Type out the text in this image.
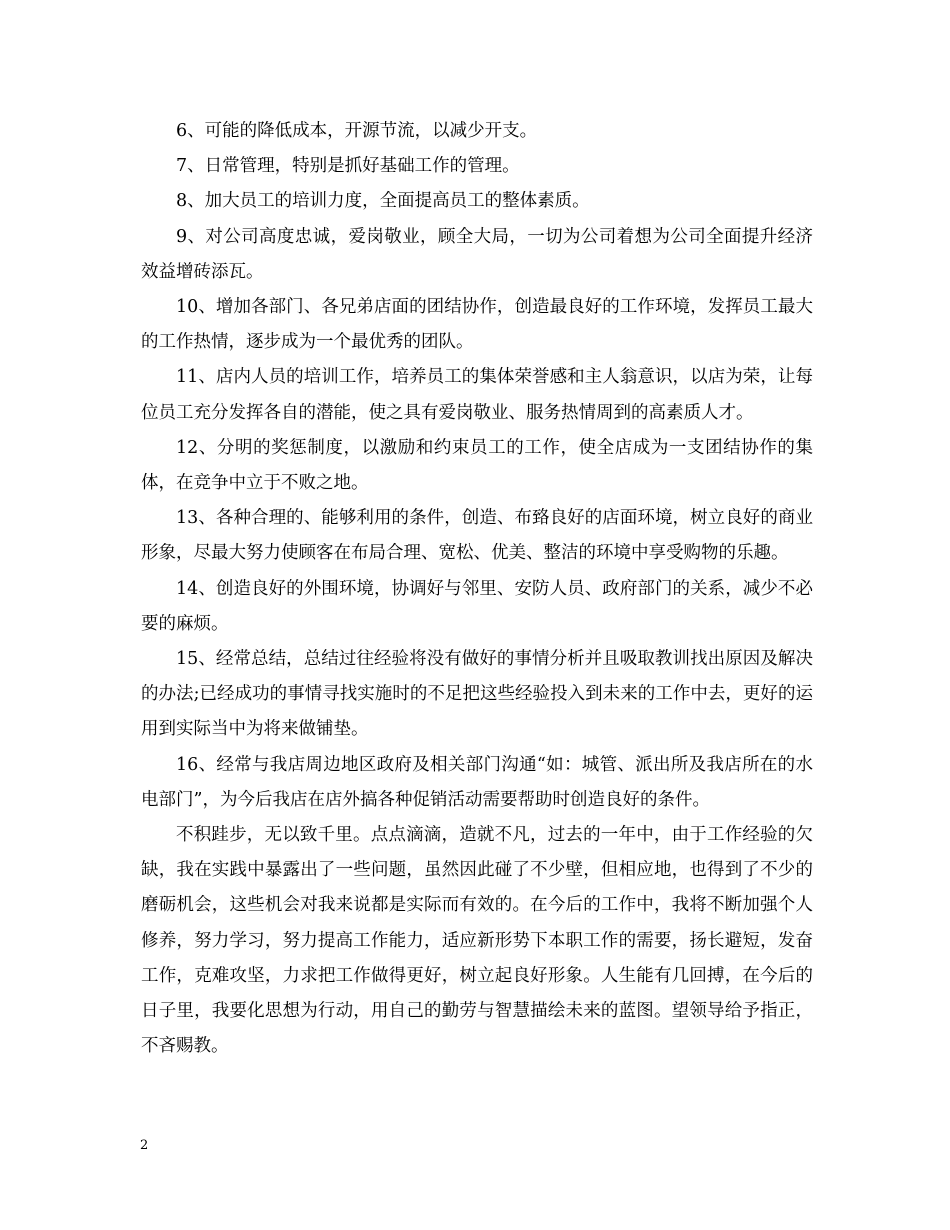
6、可能的降低成本，开源节流，以减少开支。

7、日常管理，特别是抓好基础工作的管理。

8、加大员工的培训力度，全面提高员工的整体素质。

9、对公司高度忠诚，爱岗敬业，顾全大局，一切为公司着想为公司全面提升经济效益增砖添瓦。

10、增加各部门、各兄弟店面的团结协作，创造最良好的工作环境，发挥员工最大的工作热情，逐步成为一个最优秀的团队。

11、店内人员的培训工作，培养员工的集体荣誉感和主人翁意识，以店为荣，让每位员工充分发挥各自的潜能，使之具有爱岗敬业、服务热情周到的高素质人才。

12、分明的奖惩制度，以激励和约束员工的工作，使全店成为一支团结协作的集体，在竞争中立于不败之地。

13、各种合理的、能够利用的条件，创造、布臵良好的店面环境，树立良好的商业形象，尽最大努力使顾客在布局合理、宽松、优美、整洁的环境中享受购物的乐趣。

14、创造良好的外围环境，协调好与邻里、安防人员、政府部门的关系，减少不必要的麻烦。

15、经常总结，总结过往经验将没有做好的事情分析并且吸取教训找出原因及解决的办法;已经成功的事情寻找实施时的不足把这些经验投入到未来的工作中去，更好的运用到实际当中为将来做铺垫。

16、经常与我店周边地区政府及相关部门沟通“如：城管、派出所及我店所在的水电部门”，为今后我店在店外搞各种促销活动需要帮助时创造良好的条件。

不积跬步，无以致千里。点点滴滴，造就不凡，过去的一年中，由于工作经验的欠缺，我在实践中暴露出了一些问题，虽然因此碰了不少壁，但相应地，也得到了不少的磨砺机会，这些机会对我来说都是实际而有效的。在今后的工作中，我将不断加强个人修养，努力学习，努力提高工作能力，适应新形势下本职工作的需要，扬长避短，发奋工作，克难攻坚，力求把工作做得更好，树立起良好形象。人生能有几回搏，在今后的日子里，我要化思想为行动，用自己的勤劳与智慧描绘未来的蓝图。望领导给予指正，不吝赐教。

2
